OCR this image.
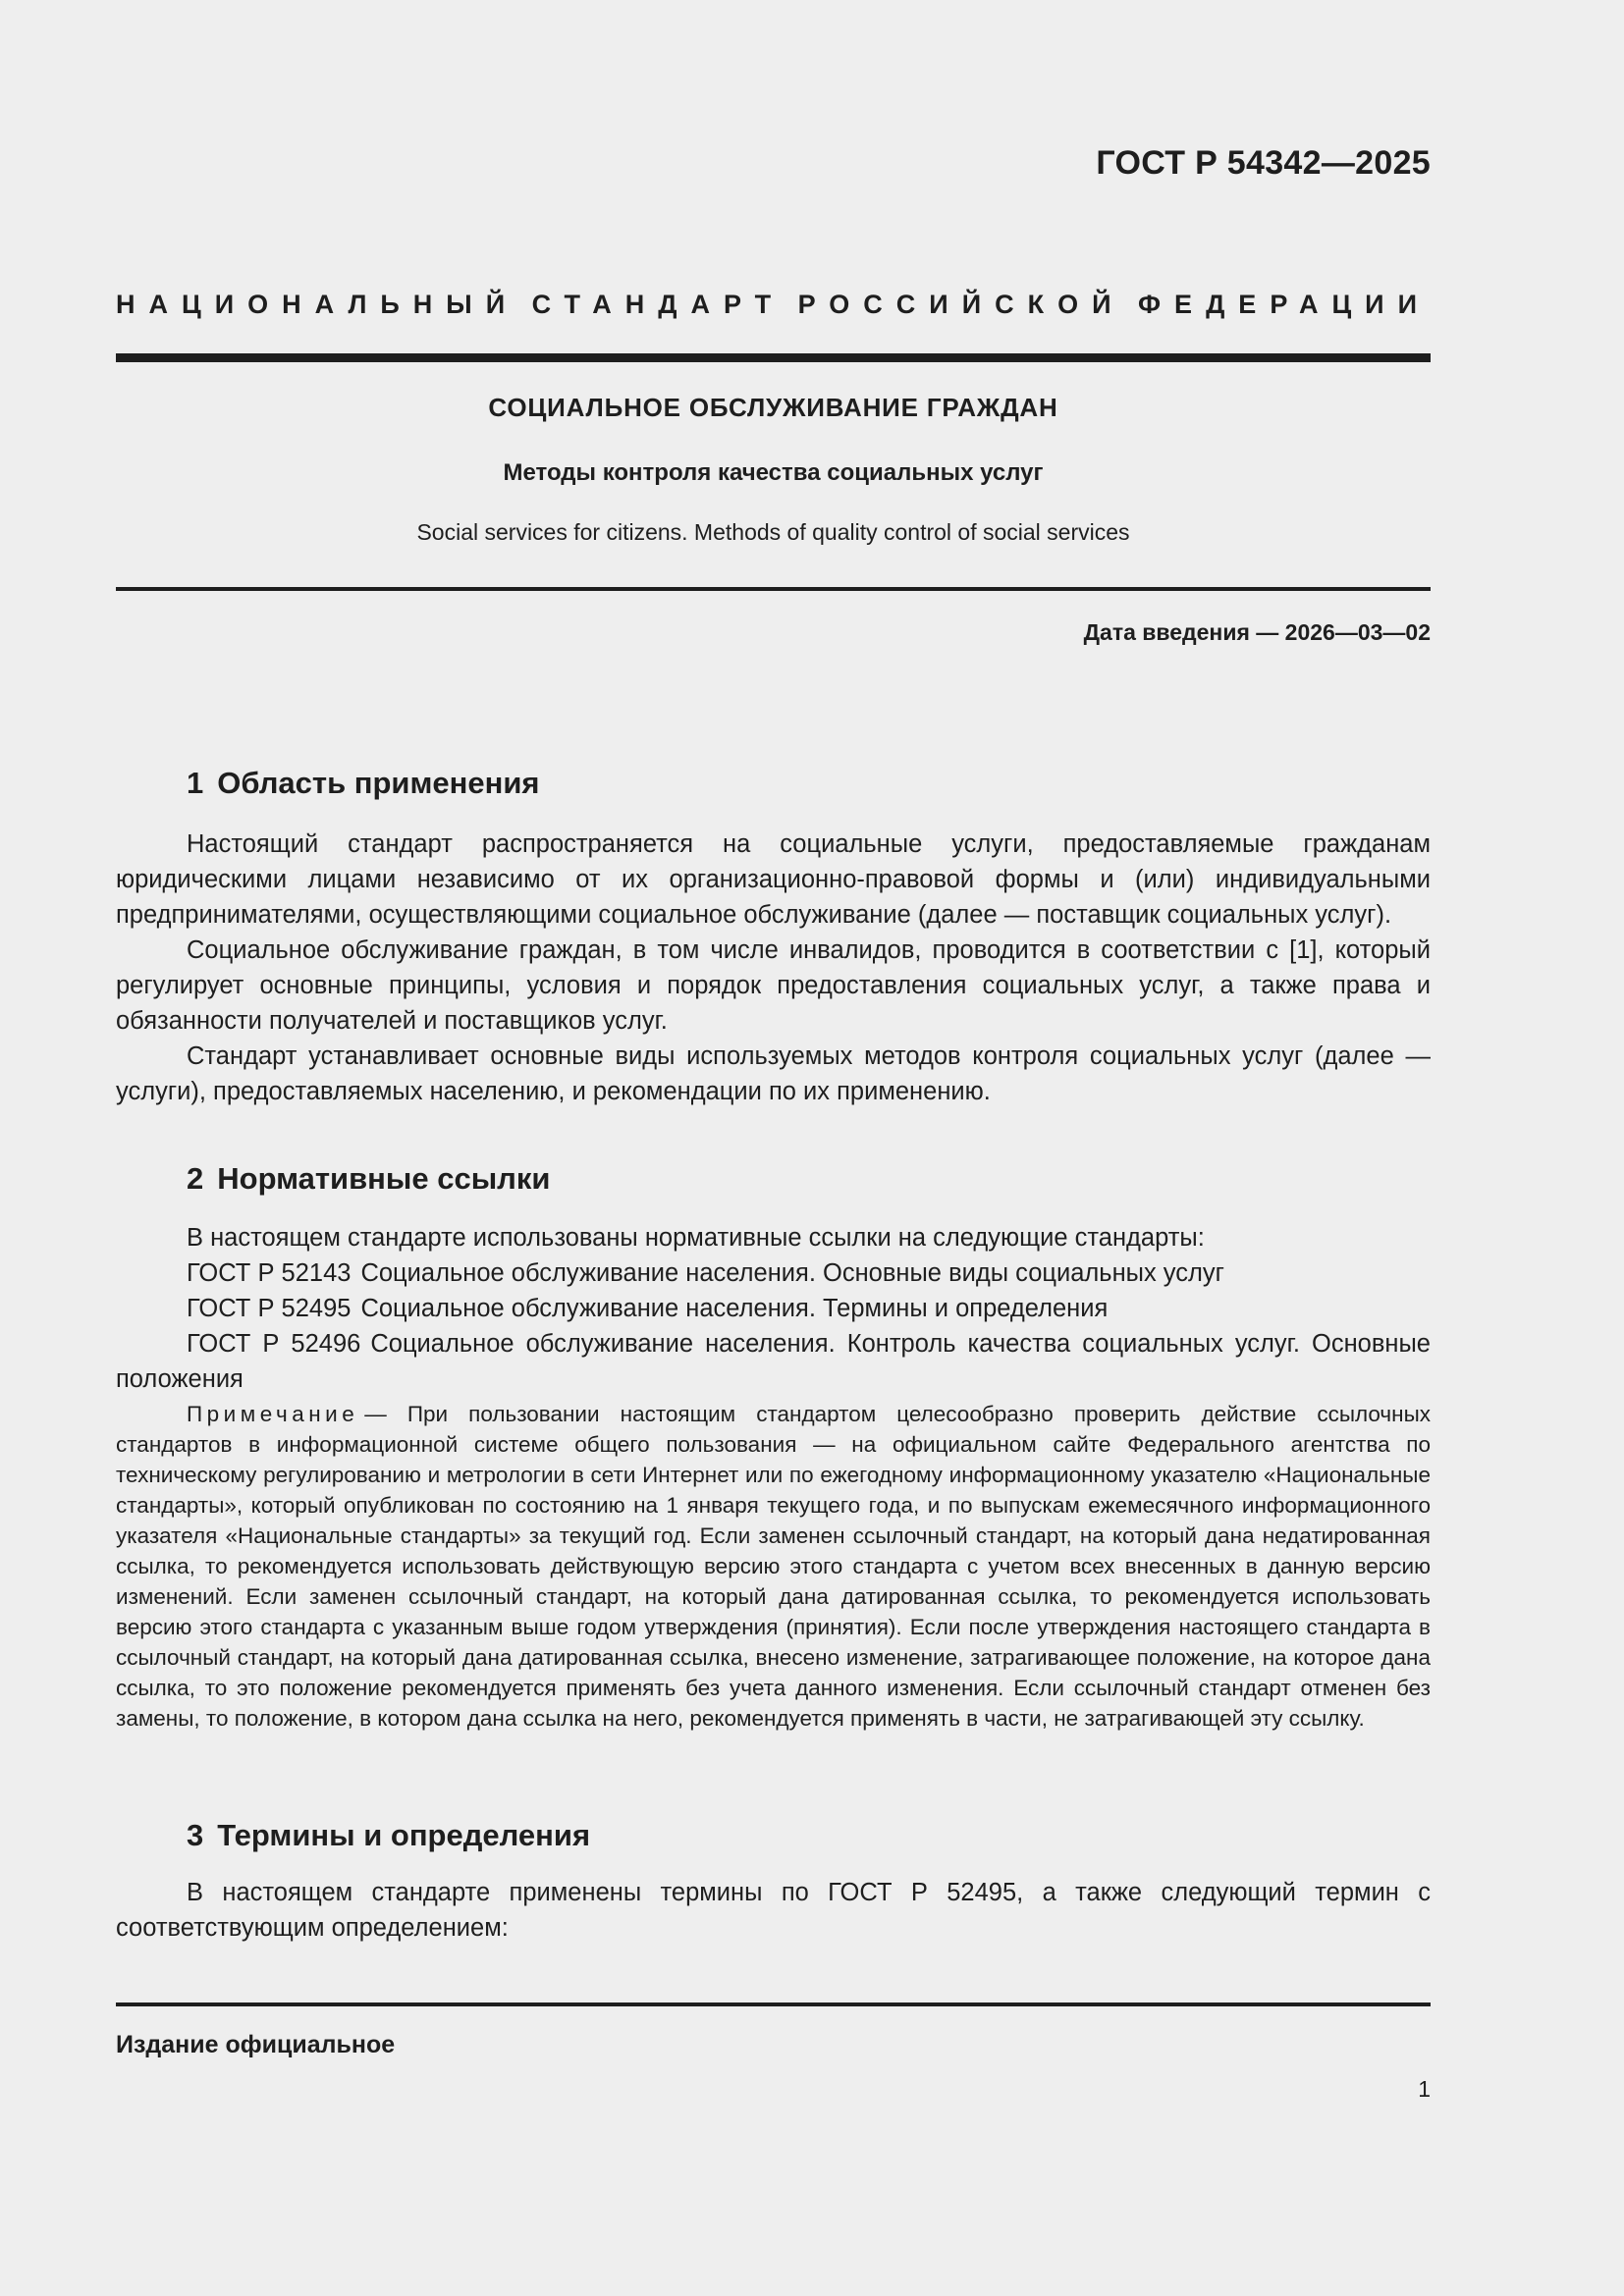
ГОСТ Р 54342—2025
НАЦИОНАЛЬНЫЙ СТАНДАРТ РОССИЙСКОЙ ФЕДЕРАЦИИ
СОЦИАЛЬНОЕ ОБСЛУЖИВАНИЕ ГРАЖДАН
Методы контроля качества социальных услуг
Social services for citizens. Methods of quality control of social services
Дата введения — 2026—03—02
1 Область применения

Настоящий стандарт распространяется на социальные услуги, предоставляемые гражданам юридическими лицами независимо от их организационно-правовой формы и (или) индивидуальными предпринимателями, осуществляющими социальное обслуживание (далее — поставщик социальных услуг).

Социальное обслуживание граждан, в том числе инвалидов, проводится в соответствии с [1], который регулирует основные принципы, условия и порядок предоставления социальных услуг, а также права и обязанности получателей и поставщиков услуг.

Стандарт устанавливает основные виды используемых методов контроля социальных услуг (далее — услуги), предоставляемых населению, и рекомендации по их применению.

2 Нормативные ссылки

В настоящем стандарте использованы нормативные ссылки на следующие стандарты:

ГОСТ Р 52143 Социальное обслуживание населения. Основные виды социальных услуг

ГОСТ Р 52495 Социальное обслуживание населения. Термины и определения

ГОСТ Р 52496 Социальное обслуживание населения. Контроль качества социальных услуг. Основные положения

Примечание — При пользовании настоящим стандартом целесообразно проверить действие ссылочных стандартов в информационной системе общего пользования — на официальном сайте Федерального агентства по техническому регулированию и метрологии в сети Интернет или по ежегодному информационному указателю «Национальные стандарты», который опубликован по состоянию на 1 января текущего года, и по выпускам ежемесячного информационного указателя «Национальные стандарты» за текущий год. Если заменен ссылочный стандарт, на который дана недатированная ссылка, то рекомендуется использовать действующую версию этого стандарта с учетом всех внесенных в данную версию изменений. Если заменен ссылочный стандарт, на который дана датированная ссылка, то рекомендуется использовать версию этого стандарта с указанным выше годом утверждения (принятия). Если после утверждения настоящего стандарта в ссылочный стандарт, на который дана датированная ссылка, внесено изменение, затрагивающее положение, на которое дана ссылка, то это положение рекомендуется применять без учета данного изменения. Если ссылочный стандарт отменен без замены, то положение, в котором дана ссылка на него, рекомендуется применять в части, не затрагивающей эту ссылку.

3 Термины и определения

В настоящем стандарте применены термины по ГОСТ Р 52495, а также следующий термин с соответствующим определением:

Издание официальное
1
